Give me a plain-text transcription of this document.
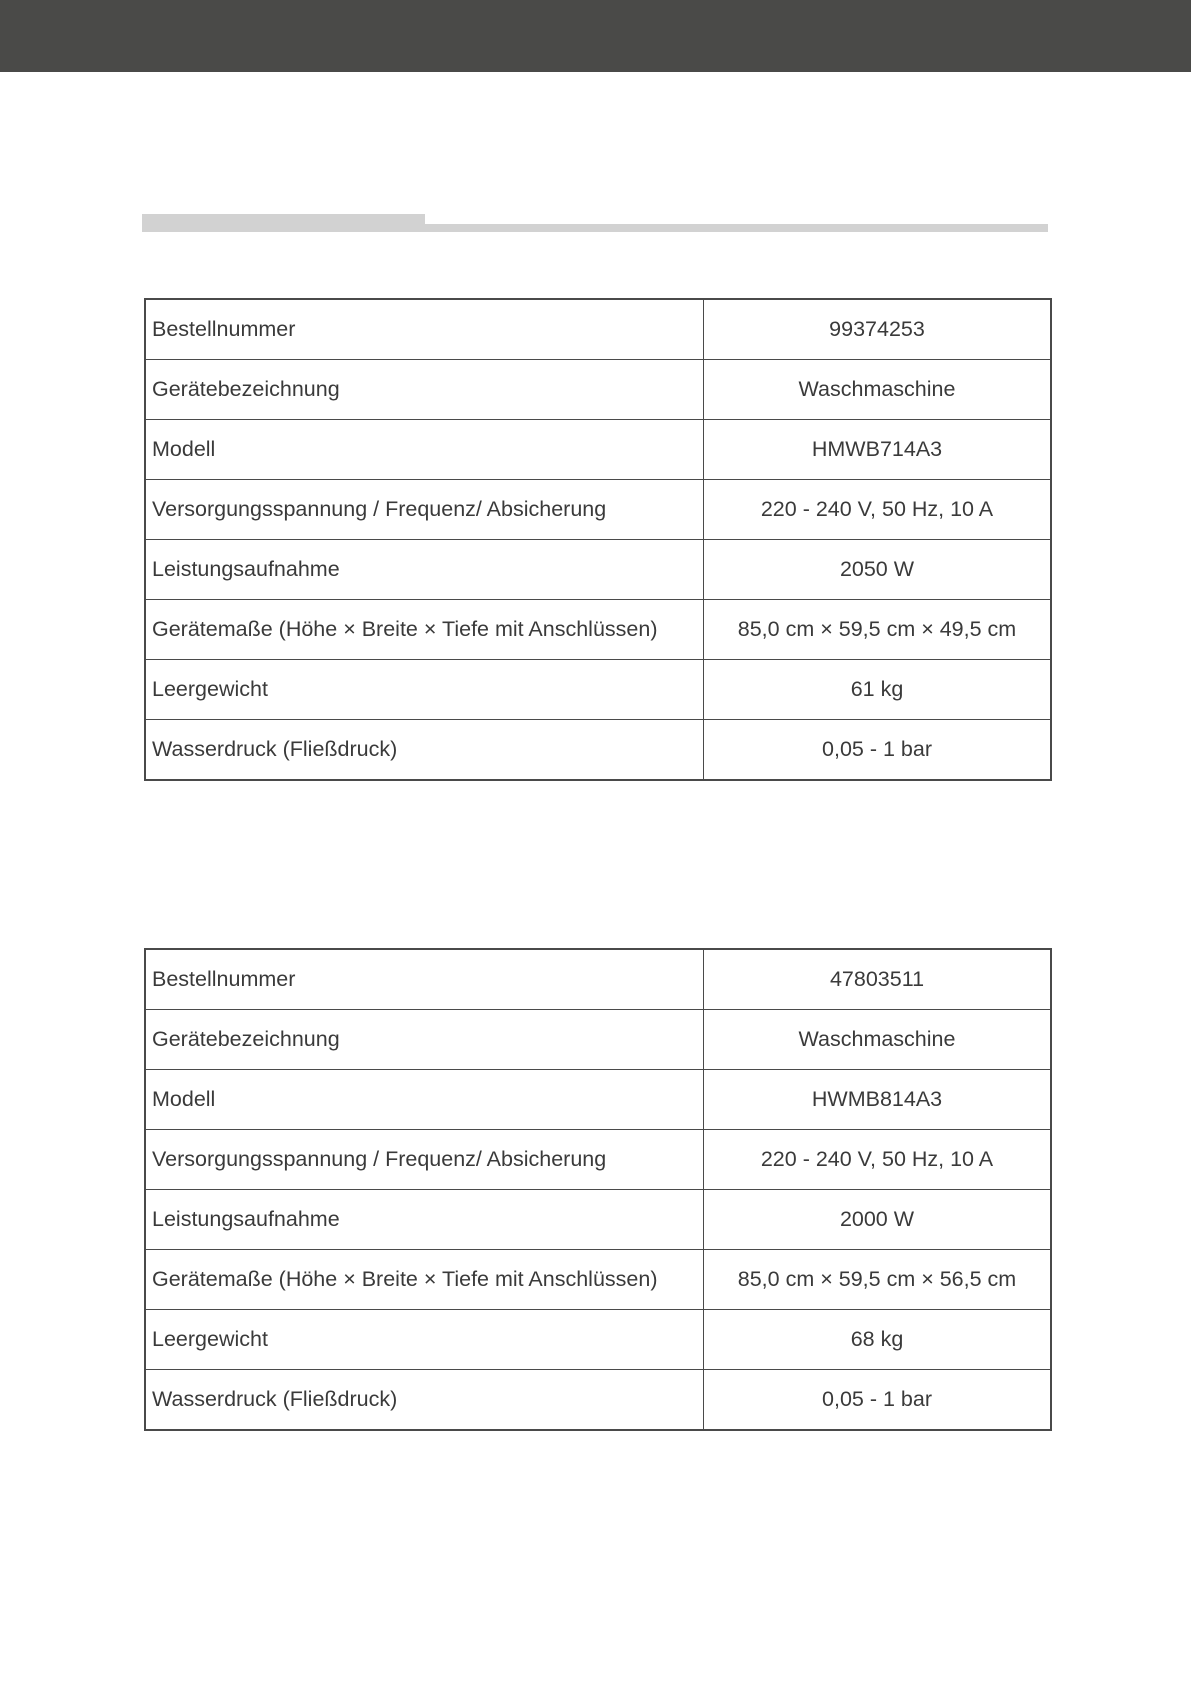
Bestellnummer	99374253
Gerätebezeichnung	Waschmaschine
Modell	HMWB714A3
Versorgungsspannung / Frequenz/ Absicherung	220 - 240 V, 50 Hz, 10 A
Leistungsaufnahme	2050 W
Gerätemaße (Höhe × Breite × Tiefe mit Anschlüssen)	85,0 cm × 59,5 cm × 49,5 cm
Leergewicht	61 kg
Wasserdruck (Fließdruck)	0,05 - 1 bar
Bestellnummer	47803511
Gerätebezeichnung	Waschmaschine
Modell	HWMB814A3
Versorgungsspannung / Frequenz/ Absicherung	220 - 240 V, 50 Hz, 10 A
Leistungsaufnahme	2000 W
Gerätemaße (Höhe × Breite × Tiefe mit Anschlüssen)	85,0 cm × 59,5 cm × 56,5 cm
Leergewicht	68 kg
Wasserdruck (Fließdruck)	0,05 - 1 bar
